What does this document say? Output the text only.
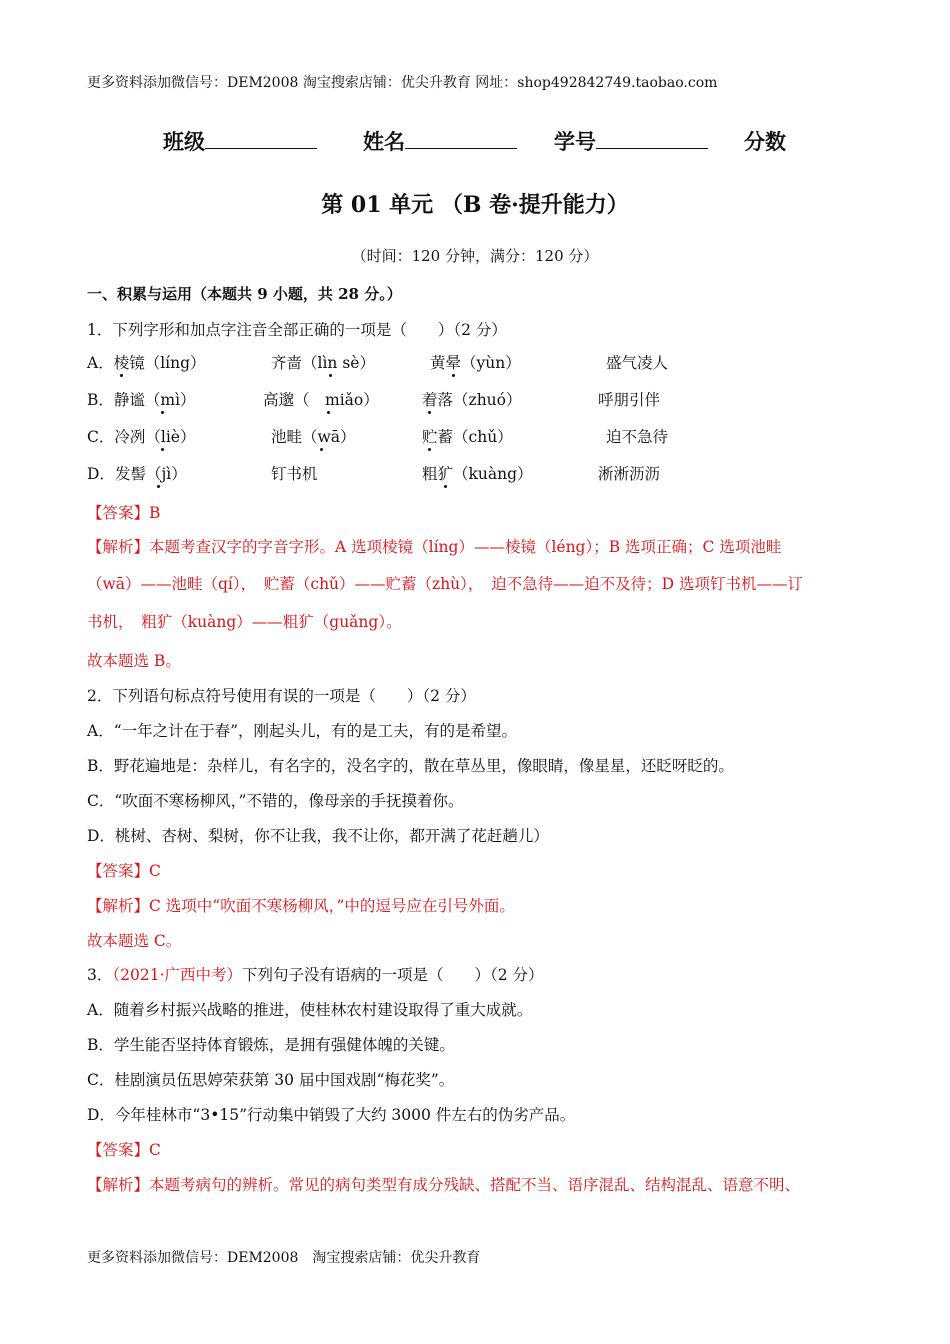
更多资料添加微信号：DEM2008 淘宝搜索店铺：优尖升教育 网址：shop492842749.taobao.com
班级	姓名	学号	分数
第 01 单元 （B 卷·提升能力）
（时间：120 分钟，满分：120 分）
一、积累与运用（本题共 9 小题，共 28 分。）
1．下列字形和加点字注音全部正确的一项是（　　）（2 分）
A．棱镜（líng）	齐啬（lìn sè）	黄晕（yùn）	盛气凌人
B．静谧（mì）	高邈（　miǎo）	着落（zhuó）	呼朋引伴
C．冷冽（liè）	池畦（wā）	贮蓄（chǔ）	迫不急待
D．发髻（jì）	钉书机	粗犷（kuàng）	淅淅沥沥
【答案】B
【解析】本题考查汉字的字音字形。A 选项棱镜（líng）——棱镜（léng）；B 选项正确；C 选项池畦
（wā）——池畦（qí），　贮蓄（chǔ）——贮蓄（zhù），　迫不急待——迫不及待；D 选项钉书机——订
书机，　粗犷（kuàng）——粗犷（guǎng）。
故本题选 B。
2．下列语句标点符号使用有误的一项是（　　）（2 分）
A．“一年之计在于春”，刚起头儿，有的是工夫，有的是希望。
B．野花遍地是：杂样儿，有名字的，没名字的，散在草丛里，像眼睛，像星星，还眨呀眨的。
C．“吹面不寒杨柳风，”不错的，像母亲的手抚摸着你。
D．桃树、杏树、梨树，你不让我，我不让你，都开满了花赶趟儿）
【答案】C
【解析】C 选项中“吹面不寒杨柳风，”中的逗号应在引号外面。
故本题选 C。
3．（2021·广西中考）下列句子没有语病的一项是（　　）（2 分）
A．随着乡村振兴战略的推进，使桂林农村建设取得了重大成就。
B．学生能否坚持体育锻炼，是拥有强健体魄的关键。
C．桂剧演员伍思婷荣获第 30 届中国戏剧“梅花奖”。
D．今年桂林市“3•15”行动集中销毁了大约 3000 件左右的伪劣产品。
【答案】C
【解析】本题考病句的辨析。常见的病句类型有成分残缺、搭配不当、语序混乱、结构混乱、语意不明、
更多资料添加微信号：DEM2008　淘宝搜索店铺：优尖升教育
